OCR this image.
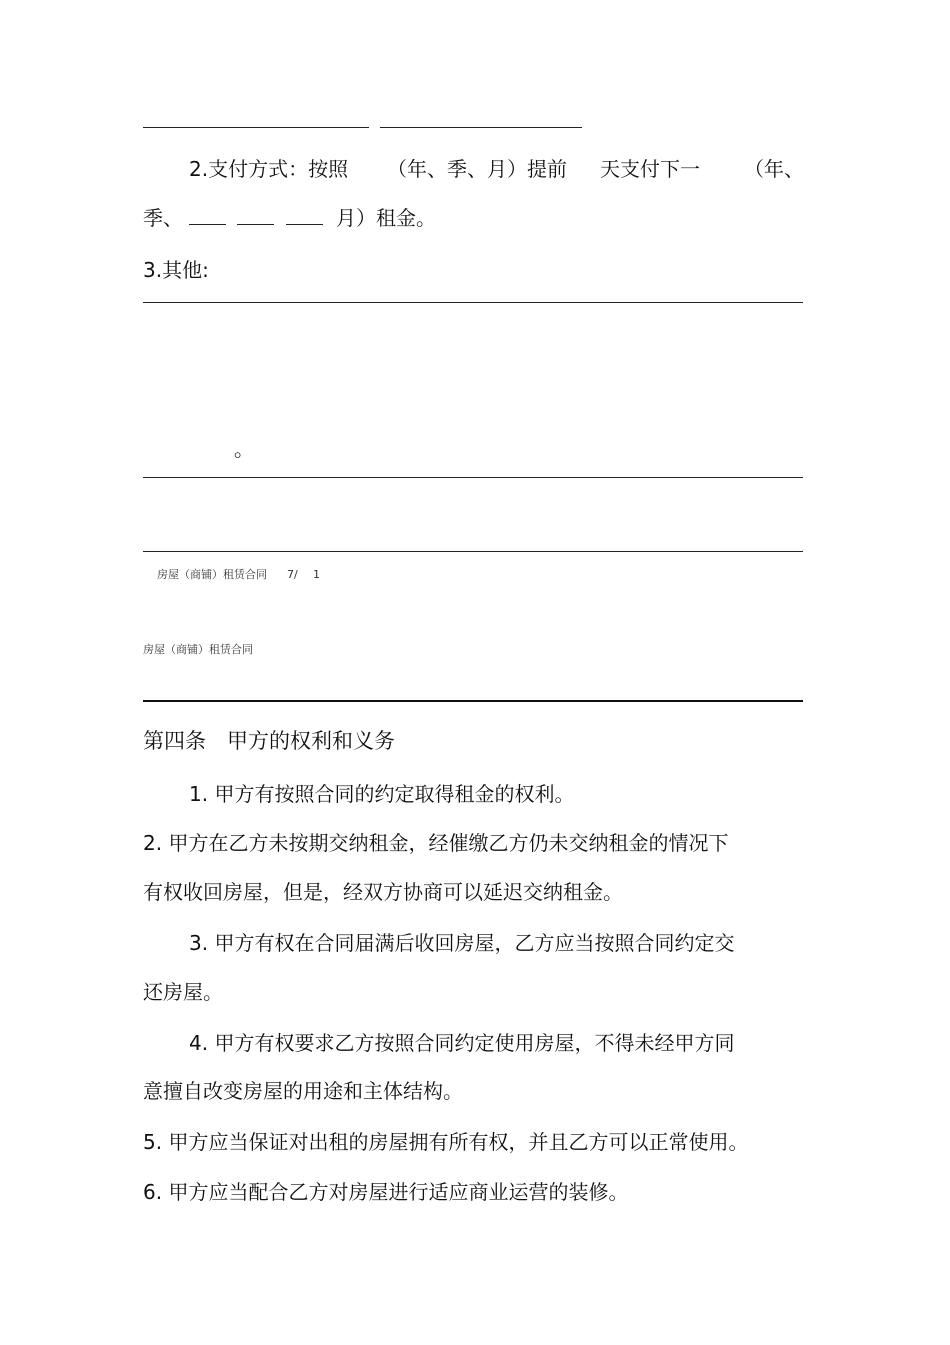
2.支付方式：按照 （年、季、月）提前 天支付下一 （年、
季、	月）租金。
3.其他:
。
房屋（商铺）租赁合同 7/ 1
房屋（商铺）租赁合同
第四条　甲方的权利和义务
1. 甲方有按照合同的约定取得租金的权利。
2. 甲方在乙方未按期交纳租金，经催缴乙方仍未交纳租金的情况下
有权收回房屋，但是，经双方协商可以延迟交纳租金。
3. 甲方有权在合同届满后收回房屋，乙方应当按照合同约定交
还房屋。
4. 甲方有权要求乙方按照合同约定使用房屋，不得未经甲方同
意擅自改变房屋的用途和主体结构。
5. 甲方应当保证对出租的房屋拥有所有权，并且乙方可以正常使用。
6. 甲方应当配合乙方对房屋进行适应商业运营的装修。
